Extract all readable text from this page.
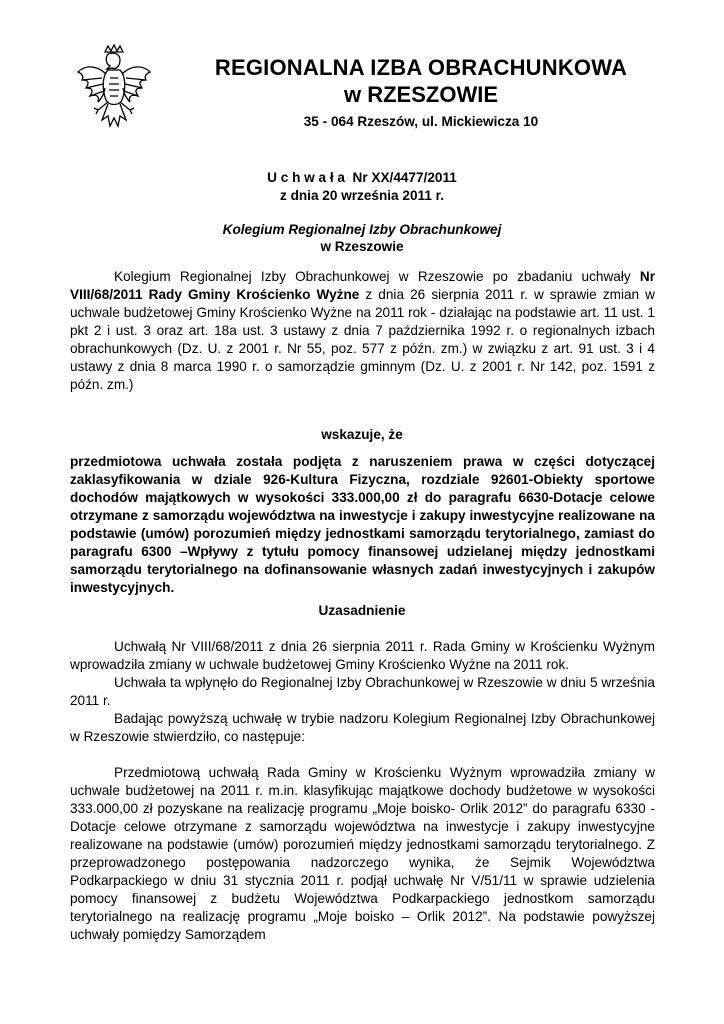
REGIONALNA IZBA OBRACHUNKOWA
w RZESZOWIE
35 - 064 Rzeszów, ul. Mickiewicza 10
U c h w a ł a  Nr XX/4477/2011
z dnia 20 września 2011 r.
Kolegium Regionalnej Izby Obrachunkowej
w Rzeszowie

Kolegium Regionalnej Izby Obrachunkowej w Rzeszowie po zbadaniu uchwały Nr VIII/68/2011 Rady Gminy Krościenko Wyżne z dnia 26 sierpnia 2011 r. w sprawie zmian w uchwale budżetowej Gminy Krościenko Wyżne na 2011 rok - działając na podstawie art. 11 ust. 1 pkt 2 i ust. 3 oraz art. 18a ust. 3 ustawy z dnia 7 października 1992 r. o regionalnych izbach obrachunkowych (Dz. U. z 2001 r. Nr 55, poz. 577 z późn. zm.) w związku z art. 91 ust. 3 i 4 ustawy z dnia 8 marca 1990 r. o samorządzie gminnym (Dz. U. z 2001 r. Nr 142, poz. 1591 z późn. zm.)

wskazuje, że

przedmiotowa uchwała została podjęta z naruszeniem prawa w części dotyczącej zaklasyfikowania w dziale 926-Kultura Fizyczna, rozdziale 92601-Obiekty sportowe dochodów majątkowych w wysokości 333.000,00 zł do paragrafu 6630-Dotacje celowe otrzymane z samorządu województwa na inwestycje i zakupy inwestycyjne realizowane na podstawie (umów) porozumień między jednostkami samorządu terytorialnego, zamiast do paragrafu 6300 –Wpływy z tytułu pomocy finansowej udzielanej między jednostkami samorządu terytorialnego na dofinansowanie własnych zadań inwestycyjnych i zakupów inwestycyjnych.

Uzasadnienie

Uchwałą Nr VIII/68/2011 z dnia 26 sierpnia 2011 r. Rada Gminy w Krościenku Wyżnym wprowadziła zmiany w uchwale budżetowej Gminy Krościenko Wyżne na 2011 rok.

Uchwała ta wpłynęło do Regionalnej Izby Obrachunkowej w Rzeszowie w dniu 5 września 2011 r.

Badając powyższą uchwałę w trybie nadzoru Kolegium Regionalnej Izby Obrachunkowej w Rzeszowie stwierdziło, co następuje:

Przedmiotową uchwałą Rada Gminy w Krościenku Wyżnym wprowadziła zmiany w uchwale budżetowej na 2011 r. m.in. klasyfikując majątkowe dochody budżetowe w wysokości 333.000,00 zł pozyskane na realizację programu „Moje boisko- Orlik 2012” do paragrafu 6330 - Dotacje celowe otrzymane z samorządu województwa na inwestycje i zakupy inwestycyjne realizowane na podstawie (umów) porozumień między jednostkami samorządu terytorialnego. Z przeprowadzonego postępowania nadzorczego wynika, że Sejmik Województwa Podkarpackiego w dniu 31 stycznia 2011 r. podjął uchwałę Nr V/51/11 w sprawie udzielenia pomocy finansowej z budżetu Województwa Podkarpackiego jednostkom samorządu terytorialnego na realizację programu „Moje boisko – Orlik 2012”. Na podstawie powyższej uchwały pomiędzy Samorządem
